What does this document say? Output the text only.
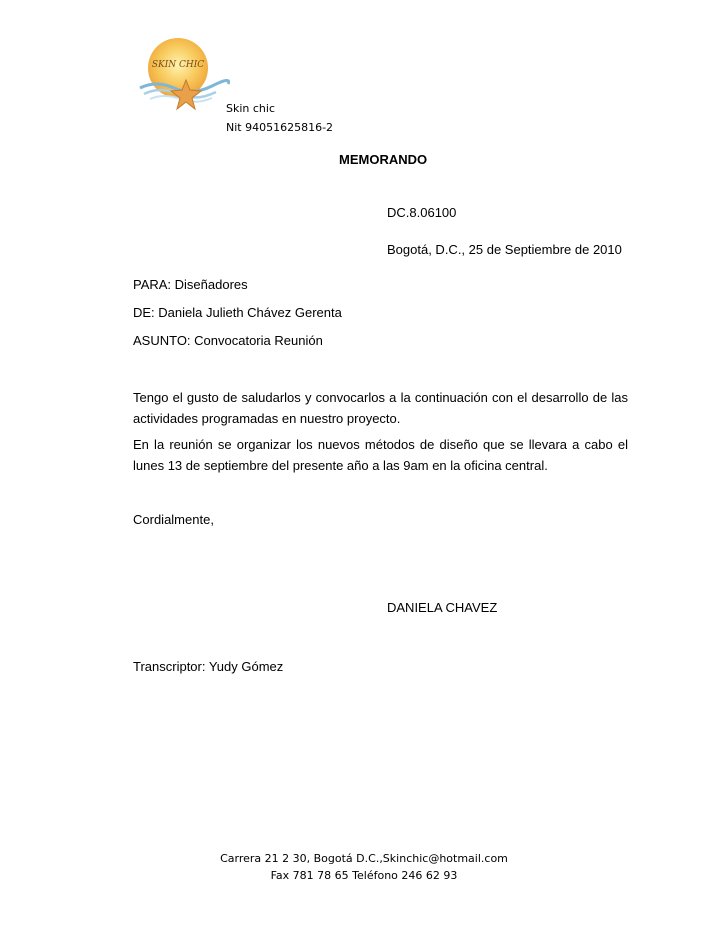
SKIN CHIC
Skin chic
Nit 94051625816-2
MEMORANDO
DC.8.06100
Bogotá, D.C., 25 de Septiembre de 2010
PARA: Diseñadores
DE: Daniela Julieth Chávez Gerenta
ASUNTO: Convocatoria Reunión
Tengo el gusto de saludarlos y convocarlos a la continuación con el desarrollo de las actividades programadas en nuestro proyecto.
En la reunión se organizar los nuevos métodos de diseño que se llevara a cabo el lunes 13 de septiembre del presente año a las 9am en la oficina central.
Cordialmente,
DANIELA CHAVEZ
Transcriptor: Yudy Gómez
Carrera 21 2 30, Bogotá D.C.,Skinchic@hotmail.com
Fax 781 78 65 Teléfono 246 62 93
